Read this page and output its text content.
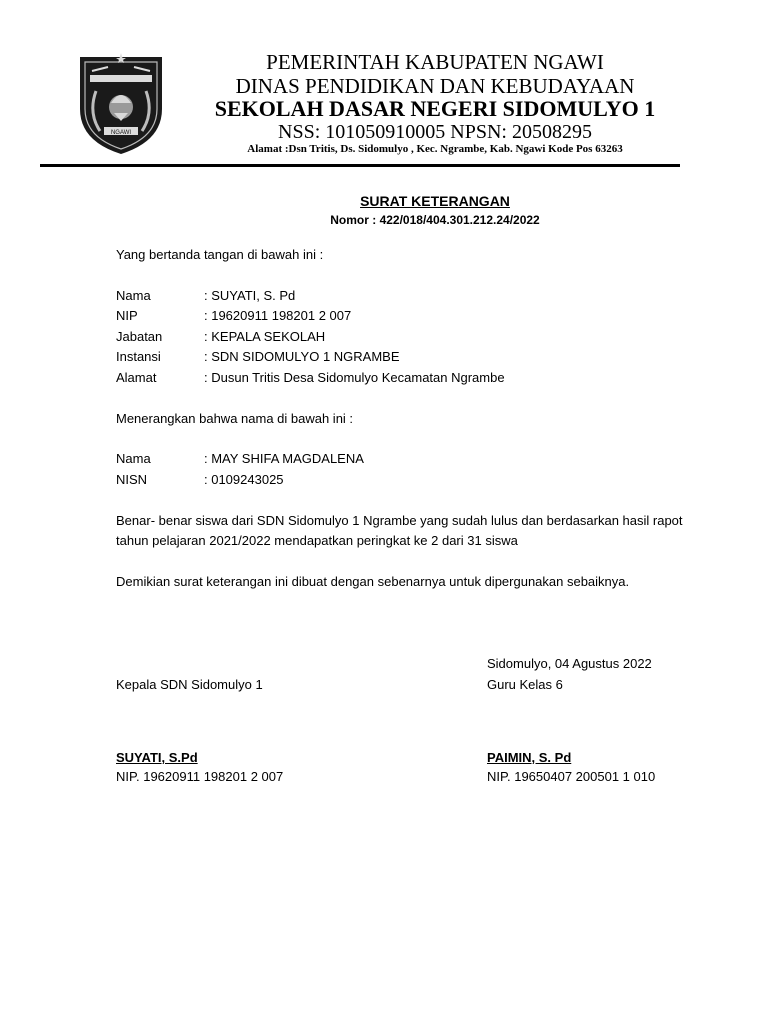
NGAWI
PEMERINTAH KABUPATEN NGAWI
DINAS PENDIDIKAN DAN KEBUDAYAAN
SEKOLAH DASAR NEGERI SIDOMULYO 1
NSS: 101050910005 NPSN: 20508295
Alamat :Dsn Tritis, Ds. Sidomulyo , Kec. Ngrambe, Kab. Ngawi Kode Pos 63263
SURAT KETERANGAN
Nomor : 422/018/404.301.212.24/2022
Yang bertanda tangan di bawah ini :
Nama	: SUYATI, S. Pd
NIP	: 19620911 198201 2 007
Jabatan	: KEPALA SEKOLAH
Instansi	: SDN SIDOMULYO 1 NGRAMBE
Alamat	: Dusun Tritis Desa Sidomulyo Kecamatan Ngrambe
Menerangkan bahwa nama di bawah ini :
Nama	: MAY SHIFA MAGDALENA
NISN	: 0109243025
Benar- benar siswa dari SDN Sidomulyo 1 Ngrambe yang sudah lulus dan berdasarkan hasil rapot
tahun pelajaran 2021/2022 mendapatkan peringkat ke 2 dari 31 siswa
Demikian surat keterangan ini dibuat dengan sebenarnya untuk dipergunakan sebaiknya.
Sidomulyo, 04 Agustus 2022
Kepala SDN Sidomulyo 1	Guru Kelas 6
SUYATI, S.Pd	PAIMIN, S. Pd
NIP. 19620911 198201 2 007	NIP. 19650407 200501 1 010
